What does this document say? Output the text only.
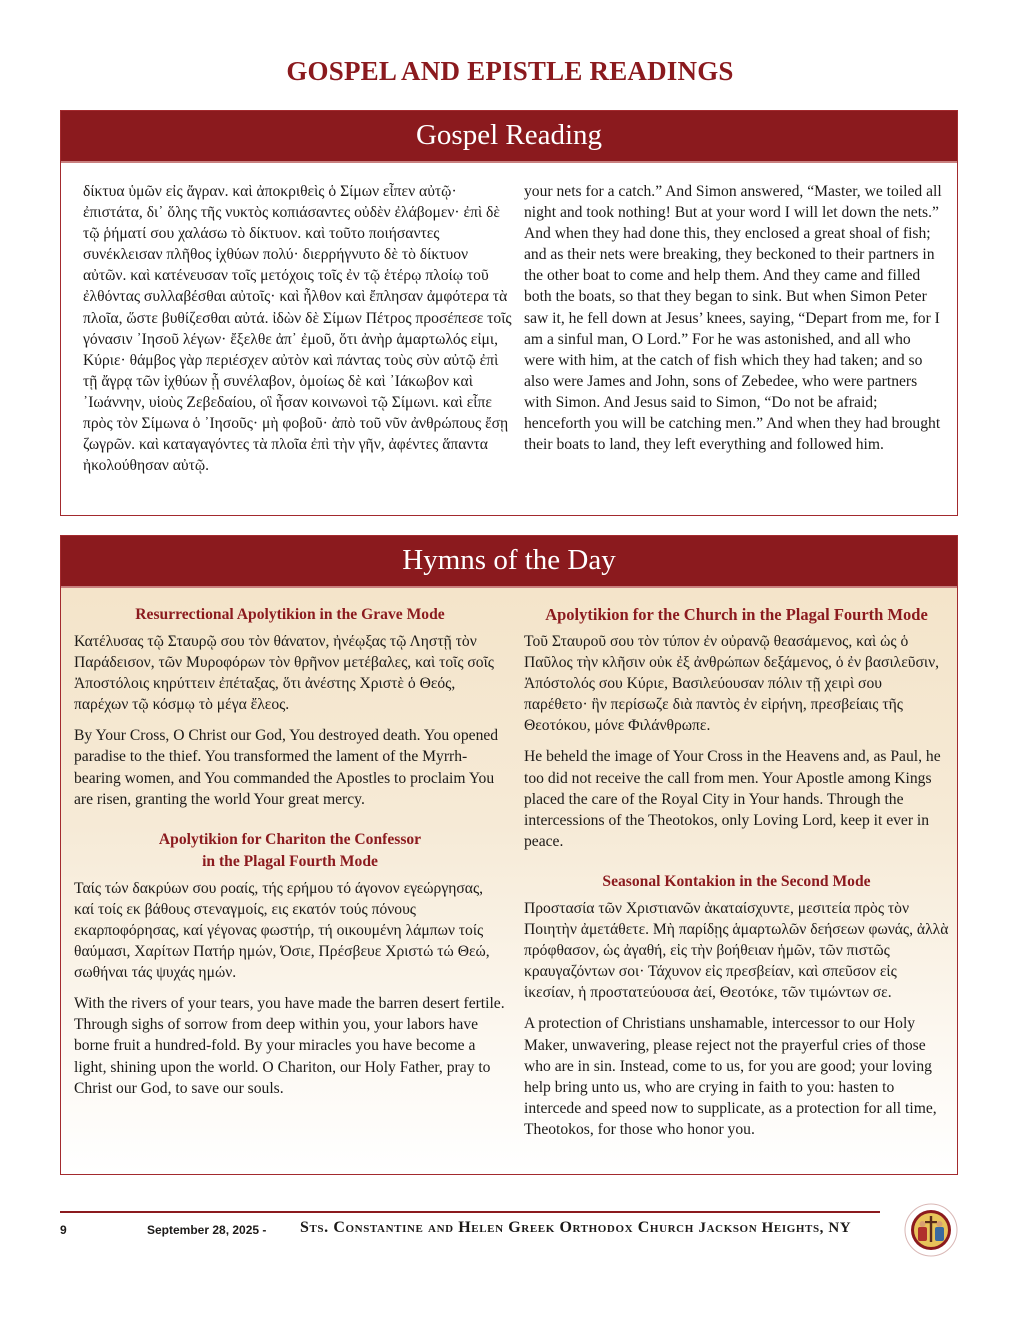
GOSPEL AND EPISTLE READINGS
Gospel Reading

δίκτυα ὑμῶν εἰς ἄγραν. καὶ ἀποκριθεὶς ὁ Σίμων εἶπεν αὐτῷ· ἐπιστάτα, δι᾽ ὅλης τῆς νυκτὸς κοπιάσαντες οὐδὲν ἐλάβομεν· ἐπὶ δὲ τῷ ῥήματί σου χαλάσω τὸ δίκτυον. καὶ τοῦτο ποιήσαντες συνέκλεισαν πλῆθος ἰχθύων πολύ· διερρήγνυτο δὲ τὸ δίκτυον αὐτῶν. καὶ κατένευσαν τοῖς μετόχοις τοῖς ἐν τῷ ἑτέρῳ πλοίῳ τοῦ ἐλθόντας συλλαβέσθαι αὐτοῖς· καὶ ἦλθον καὶ ἔπλησαν ἀμφότερα τὰ πλοῖα, ὥστε βυθίζεσθαι αὐτά. ἰδὼν δὲ Σίμων Πέτρος προσέπεσε τοῖς γόνασιν ᾿Ιησοῦ λέγων· ἔξελθε ἀπ᾿ ἐμοῦ, ὅτι ἀνὴρ ἁμαρτωλός εἰμι, Κύριε· θάμβος γὰρ περιέσχεν αὐτὸν καὶ πάντας τοὺς σὺν αὐτῷ ἐπὶ τῇ ἄγρᾳ τῶν ἰχθύων ᾗ συνέλαβον, ὁμοίως δὲ καὶ ᾿Ιάκωβον καὶ ᾿Ιωάννην, υἱοὺς Ζεβεδαίου, οἳ ἦσαν κοινωνοὶ τῷ Σίμωνι. καὶ εἶπε πρὸς τὸν Σίμωνα ὁ ᾿Ιησοῦς· μὴ φοβοῦ· ἀπὸ τοῦ νῦν ἀνθρώπους ἔσῃ ζωγρῶν. καὶ καταγαγόντες τὰ πλοῖα ἐπὶ τὴν γῆν, ἀφέντες ἅπαντα ἠκολούθησαν αὐτῷ.

your nets for a catch.” And Simon answered, “Master, we toiled all night and took nothing! But at your word I will let down the nets.” And when they had done this, they enclosed a great shoal of fish; and as their nets were breaking, they beckoned to their partners in the other boat to come and help them. And they came and filled both the boats, so that they began to sink. But when Simon Peter saw it, he fell down at Jesus’ knees, saying, “Depart from me, for I am a sinful man, O Lord.” For he was astonished, and all who were with him, at the catch of fish which they had taken; and so also were James and John, sons of Zebedee, who were partners with Simon. And Jesus said to Simon, “Do not be afraid; henceforth you will be catching men.” And when they had brought their boats to land, they left everything and followed him.

Hymns of the Day
Resurrectional Apolytikion in the Grave Mode

Κατέλυσας τῷ Σταυρῷ σου τὸν θάνατον, ἠνέῳξας τῷ Ληστῇ τὸν Παράδεισον, τῶν Μυροφόρων τὸν θρῆνον μετέβαλες, καὶ τοῖς σοῖς Ἀποστόλοις κηρύττειν ἐπέταξας, ὅτι ἀνέστης Χριστὲ ὁ Θεός, παρέχων τῷ κόσμῳ τὸ μέγα ἔλεος.

By Your Cross, O Christ our God, You destroyed death. You opened paradise to the thief. You transformed the lament of the Myrrh-bearing women, and You commanded the Apostles to proclaim You are risen, granting the world Your great mercy.

Apolytikion for Chariton the Confessor
in the Plagal Fourth Mode

Ταίς τών δακρύων σου ροαίς, τής ερήμου τό άγονον εγεώργησας, καί τοίς εκ βάθους στεναγμοίς, εις εκατόν τούς πόνους εκαρποφόρησας, καί γέγονας φωστήρ, τή οικουμένη λάμπων τοίς θαύμασι, Χαρίτων Πατήρ ημών, Όσιε, Πρέσβευε Χριστώ τώ Θεώ, σωθήναι τάς ψυχάς ημών.

With the rivers of your tears, you have made the barren desert fertile. Through sighs of sorrow from deep within you, your labors have borne fruit a hundred-fold. By your miracles you have become a light, shining upon the world. O Chariton, our Holy Father, pray to Christ our God, to save our souls.

Apolytikion for the Church in the Plagal Fourth Mode

Τοῦ Σταυροῦ σου τὸν τύπον ἐν οὐρανῷ θεασάμενος, καὶ ὡς ὁ Παῦλος τὴν κλῆσιν οὐκ ἐξ ἀνθρώπων δεξάμενος, ὁ ἐν βασιλεῦσιν, Ἀπόστολός σου Κύριε, Βασιλεύουσαν πόλιν τῇ χειρὶ σου παρέθετο· ἣν περίσωζε διὰ παντὸς ἐν εἰρήνη, πρεσβείαις τῆς Θεοτόκου, μόνε Φιλάνθρωπε.

He beheld the image of Your Cross in the Heavens and, as Paul, he too did not receive the call from men. Your Apostle among Kings placed the care of the Royal City in Your hands. Through the intercessions of the Theotokos, only Loving Lord, keep it ever in peace.

Seasonal Kontakion in the Second Mode

Προστασία τῶν Χριστιανῶν ἀκαταίσχυντε, μεσιτεία πρὸς τὸν Ποιητὴν ἀμετάθετε. Μὴ παρίδῃς ἁμαρτωλῶν δεήσεων φωνάς, ἀλλὰ πρόφθασον, ὡς ἀγαθή, εἰς τὴν βοήθειαν ἡμῶν, τῶν πιστῶς κραυγαζόντων σοι· Τάχυνον εἰς πρεσβείαν, καὶ σπεῦσον εἰς ἱκεσίαν, ἡ προστατεύουσα ἀεί, Θεοτόκε, τῶν τιμώντων σε.

A protection of Christians unshamable, intercessor to our Holy Maker, unwavering, please reject not the prayerful cries of those who are in sin. Instead, come to us, for you are good; your loving help bring unto us, who are crying in faith to you: hasten to intercede and speed now to supplicate, as a protection for all time, Theotokos, for those who honor you.

9	September 28, 2025 - Sts. Constantine and Helen Greek Orthodox Church Jackson Heights, NY
